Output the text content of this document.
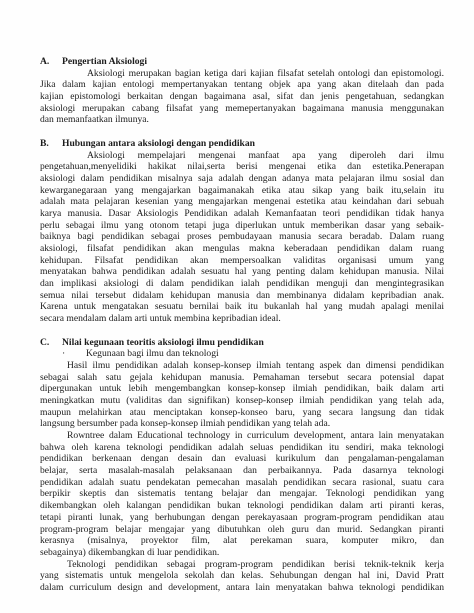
A. Pengertian Aksiologi
Aksiologi merupakan bagian ketiga dari kajian filsafat setelah ontologi dan epistomologi.
Jika dalam kajian entologi mempertanyakan tentang objek apa yang akan ditelaah dan pada
kajian epistomologi berkaitan dengan bagaimana asal, sifat dan jenis pengetahuan, sedangkan
aksiologi merupakan cabang filsafat yang memepertanyakan bagaimana manusia menggunakan
dan memanfaatkan ilmunya.
B. Hubungan antara aksiologi dengan pendidikan
Aksiologi mempelajari mengenai manfaat apa yang diperoleh dari ilmu
pengetahuan,menyelidiki hakikat nilai,serta berisi mengenai etika dan estetika.Penerapan
aksiologi dalam pendidikan misalnya saja adalah dengan adanya mata pelajaran ilmu sosial dan
kewarganegaraan yang mengajarkan bagaimanakah etika atau sikap yang baik itu,selain itu
adalah mata pelajaran kesenian yang mengajarkan mengenai estetika atau keindahan dari sebuah
karya manusia. Dasar Aksiologis Pendidikan adalah Kemanfaatan teori pendidikan tidak hanya
perlu sebagai ilmu yang otonom tetapi juga diperlukan untuk memberikan dasar yang sebaik-
baiknya bagi pendidikan sebagai proses pembudayaan manusia secara beradab. Dalam ruang
aksiologi, filsafat pendidikan akan mengulas makna keberadaan pendidikan dalam ruang
kehidupan. Filsafat pendidikan akan mempersoalkan validitas organisasi umum yang
menyatakan bahwa pendidikan adalah sesuatu hal yang penting dalam kehidupan manusia. Nilai
dan implikasi aksiologi di dalam pendidikan ialah pendidikan menguji dan mengintegrasikan
semua nilai tersebut didalam kehidupan manusia dan membinanya didalam kepribadian anak.
Karena untuk mengatakan sesuatu bernilai baik itu bukanlah hal yang mudah apalagi menilai
secara mendalam dalam arti untuk membina kepribadian ideal.
C. Nilai kegunaan teoritis aksiologi ilmu pendidikan
· Kegunaan bagi ilmu dan teknologi
Hasil ilmu pendidikan adalah konsep-konsep ilmiah tentang aspek dan dimensi pendidikan
sebagai salah satu gejala kehidupan manusia. Pemahaman tersebut secara potensial dapat
dipergunakan untuk lebih mengembangkan konsep-konsep ilmiah pendidikan, baik dalam arti
meningkatkan mutu (validitas dan signifikan) konsep-konsep ilmiah pendidikan yang telah ada,
maupun melahirkan atau menciptakan konsep-konseo baru, yang secara langsung dan tidak
langsung bersumber pada konsep-konsep ilmiah pendidikan yang telah ada.
Rowntree dalam Educational technology in curriculum development, antara lain menyatakan
bahwa oleh karena teknologi pendidikan adalah seluas pendidikan itu sendiri, maka teknologi
pendidikan berkenaan dengan desain dan evaluasi kurikulum dan pengalaman-pengalaman
belajar, serta masalah-masalah pelaksanaan dan perbaikannya. Pada dasarnya teknologi
pendidikan adalah suatu pendekatan pemecahan masalah pendidikan secara rasional, suatu cara
berpikir skeptis dan sistematis tentang belajar dan mengajar. Teknologi pendidikan yang
dikembangkan oleh kalangan pendidikan bukan teknologi pendidikan dalam arti piranti keras,
tetapi piranti lunak, yang berhubungan dengan perekayasaan program-program pendidikan atau
program-program belajar mengajar yang dibutuhkan oleh guru dan murid. Sedangkan piranti
kerasnya (misalnya, proyektor film, alat perekaman suara, komputer mikro, dan
sebagainya) dikembangkan di luar pendidikan.
Teknologi pendidikan sebagai program-program pendidikan berisi teknik-teknik kerja
yang sistematis untuk mengelola sekolah dan kelas. Sehubungan dengan hal ini, David Pratt
dalam curriculum design and development, antara lain menyatakan bahwa teknologi pendidikan
